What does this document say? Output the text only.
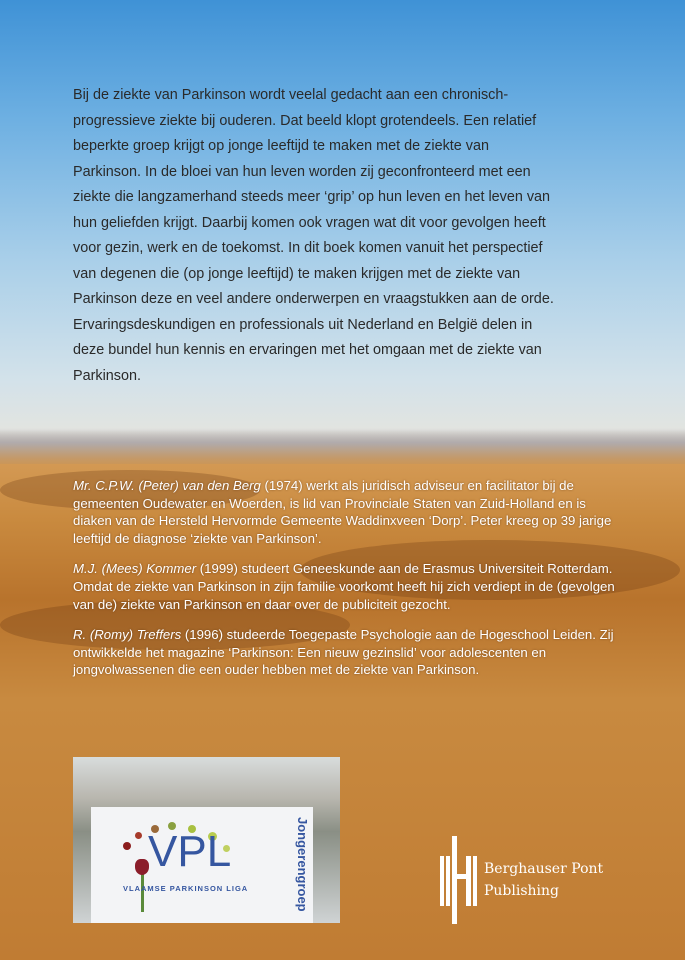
Bij de ziekte van Parkinson wordt veelal gedacht aan een chronisch-
progressieve ziekte bij ouderen. Dat beeld klopt grotendeels. Een relatief
beperkte groep krijgt op jonge leeftijd te maken met de ziekte van
Parkinson. In de bloei van hun leven worden zij geconfronteerd met een
ziekte die langzamerhand steeds meer ‘grip’ op hun leven en het leven van
hun geliefden krijgt. Daarbij komen ook vragen wat dit voor gevolgen heeft
voor gezin, werk en de toekomst. In dit boek komen vanuit het perspectief
van degenen die (op jonge leeftijd) te maken krijgen met de ziekte van
Parkinson deze en veel andere onderwerpen en vraagstukken aan de orde.
Ervaringsdeskundigen en professionals uit Nederland en België delen in
deze bundel hun kennis en ervaringen met het omgaan met de ziekte van
Parkinson.

Mr. C.P.W. (Peter) van den Berg (1974) werkt als juridisch adviseur en facilitator bij de gemeenten Oudewater en Woerden, is lid van Provinciale Staten van Zuid-Holland en is diaken van de Hersteld Hervormde Gemeente Waddinxveen ‘Dorp’. Peter kreeg op 39 jarige leeftijd de diagnose ‘ziekte van Parkinson’.

M.J. (Mees) Kommer (1999) studeert Geneeskunde aan de Erasmus Universiteit Rotterdam. Omdat de ziekte van Parkinson in zijn familie voorkomt heeft hij zich verdiept in de (gevolgen van de) ziekte van Parkinson en daar over de publiciteit gezocht.

R. (Romy) Treffers (1996) studeerde Toegepaste Psychologie aan de Hogeschool Leiden. Zij ontwikkelde het magazine ‘Parkinson: Een nieuw gezinslid’ voor adolescenten en jongvolwassenen die een ouder hebben met de ziekte van Parkinson.

VPL
VLAAMSE PARKINSON LIGA	Jongerengroep	Berghauser Pont
Publishing
